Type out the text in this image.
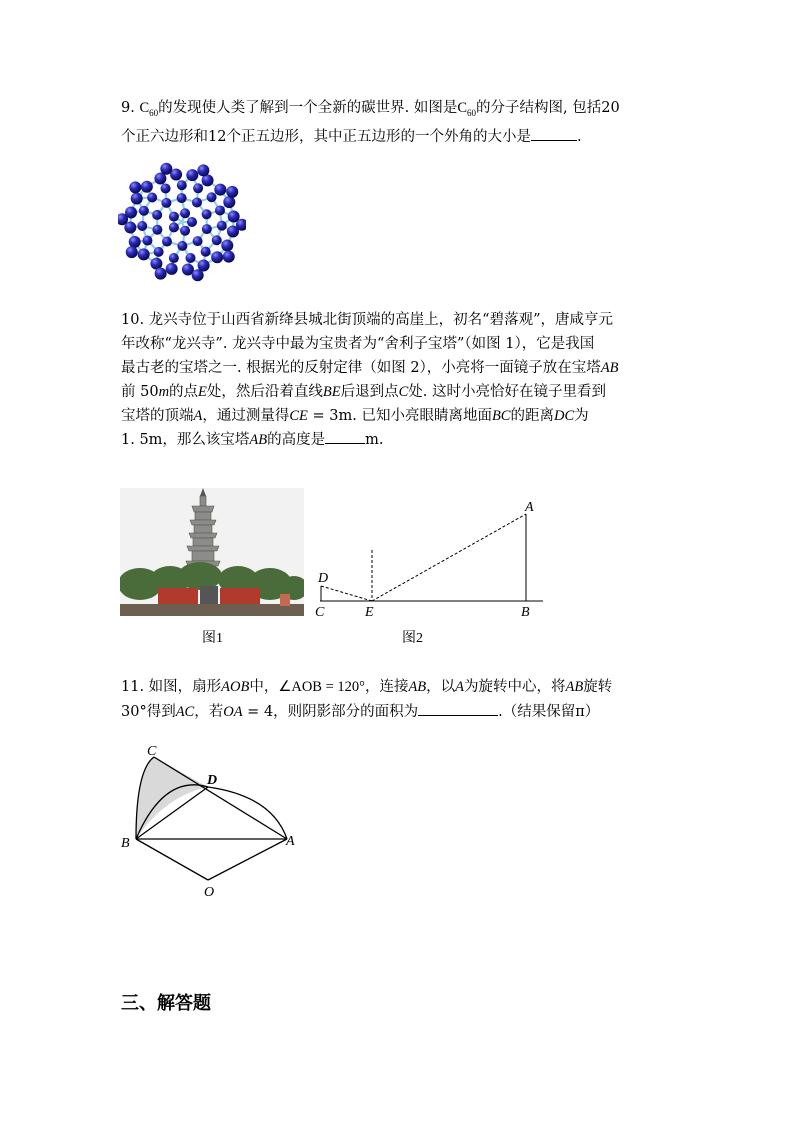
9. $C_{60}$的发现使人类了解到一个全新的碳世界. 如图是$C_{60}$的分子结构图, 包括20
个正六边形和12个正五边形，其中正五边形的一个外角的大小是	.
10. 龙兴寺位于山西省新绛县城北街顶端的高崖上，初名“碧落观”，唐咸亨元
年改称“龙兴寺”. 龙兴寺中最为宝贵者为“舍利子宝塔”（如图 1），它是我国
最古老的宝塔之一. 根据光的反射定律（如图 2），小亮将一面镜子放在宝塔AB
前 50m的点E处，然后沿着直线BE后退到点C处. 这时小亮恰好在镜子里看到
宝塔的顶端A，通过测量得CE = 3m. 已知小亮眼睛离地面BC的距离DC为
1. 5m，那么该宝塔AB的高度是	m.
图1
A
D
C	E	B
图2
11. 如图，扇形AOB中，∠AOB = 120°，连接AB，以A为旋转中心，将AB旋转
30°得到AC，若OA = 4，则阴影部分的面积为	.（结果保留π）
C
D
B	A
O
三、解答题
